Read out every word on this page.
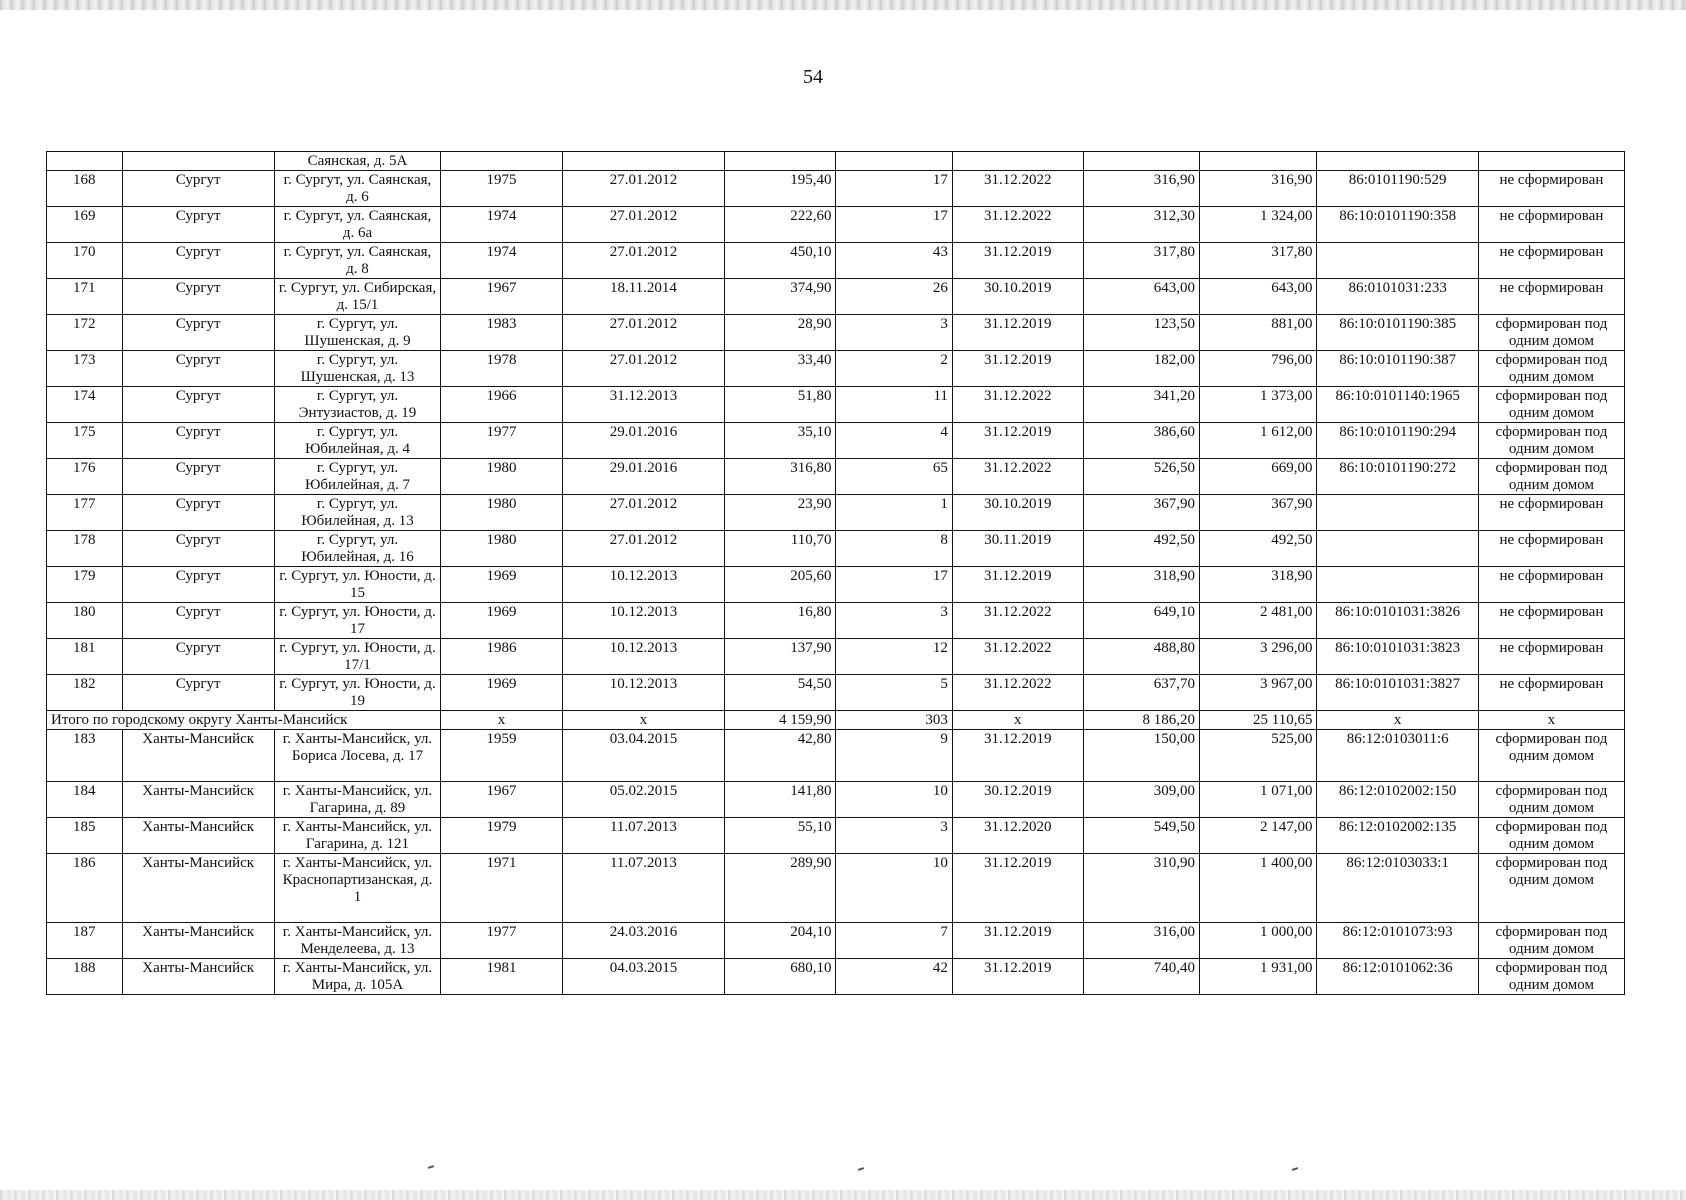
54
		Саянская, д. 5А									
168	Сургут	г. Сургут, ул. Саянская, д. 6	1975	27.01.2012	195,40	17	31.12.2022	316,90	316,90	86:0101190:529	не сформирован
169	Сургут	г. Сургут, ул. Саянская, д. 6а	1974	27.01.2012	222,60	17	31.12.2022	312,30	1 324,00	86:10:0101190:358	не сформирован
170	Сургут	г. Сургут, ул. Саянская, д. 8	1974	27.01.2012	450,10	43	31.12.2019	317,80	317,80		не сформирован
171	Сургут	г. Сургут, ул. Сибирская, д. 15/1	1967	18.11.2014	374,90	26	30.10.2019	643,00	643,00	86:0101031:233	не сформирован
172	Сургут	г. Сургут, ул. Шушенская, д. 9	1983	27.01.2012	28,90	3	31.12.2019	123,50	881,00	86:10:0101190:385	сформирован под одним домом
173	Сургут	г. Сургут, ул. Шушенская, д. 13	1978	27.01.2012	33,40	2	31.12.2019	182,00	796,00	86:10:0101190:387	сформирован под одним домом
174	Сургут	г. Сургут, ул. Энтузиастов, д. 19	1966	31.12.2013	51,80	11	31.12.2022	341,20	1 373,00	86:10:0101140:1965	сформирован под одним домом
175	Сургут	г. Сургут, ул. Юбилейная, д. 4	1977	29.01.2016	35,10	4	31.12.2019	386,60	1 612,00	86:10:0101190:294	сформирован под одним домом
176	Сургут	г. Сургут, ул. Юбилейная, д. 7	1980	29.01.2016	316,80	65	31.12.2022	526,50	669,00	86:10:0101190:272	сформирован под одним домом
177	Сургут	г. Сургут, ул. Юбилейная, д. 13	1980	27.01.2012	23,90	1	30.10.2019	367,90	367,90		не сформирован
178	Сургут	г. Сургут, ул. Юбилейная, д. 16	1980	27.01.2012	110,70	8	30.11.2019	492,50	492,50		не сформирован
179	Сургут	г. Сургут, ул. Юности, д. 15	1969	10.12.2013	205,60	17	31.12.2019	318,90	318,90		не сформирован
180	Сургут	г. Сургут, ул. Юности, д. 17	1969	10.12.2013	16,80	3	31.12.2022	649,10	2 481,00	86:10:0101031:3826	не сформирован
181	Сургут	г. Сургут, ул. Юности, д. 17/1	1986	10.12.2013	137,90	12	31.12.2022	488,80	3 296,00	86:10:0101031:3823	не сформирован
182	Сургут	г. Сургут, ул. Юности, д. 19	1969	10.12.2013	54,50	5	31.12.2022	637,70	3 967,00	86:10:0101031:3827	не сформирован
Итого по городскому округу Ханты-Мансийск			x	x	4 159,90	303	x	8 186,20	25 110,65	x	x
183	Ханты-Мансийск	г. Ханты-Мансийск, ул. Бориса Лосева, д. 17	1959	03.04.2015	42,80	9	31.12.2019	150,00	525,00	86:12:0103011:6	сформирован под одним домом
184	Ханты-Мансийск	г. Ханты-Мансийск, ул. Гагарина, д. 89	1967	05.02.2015	141,80	10	30.12.2019	309,00	1 071,00	86:12:0102002:150	сформирован под одним домом
185	Ханты-Мансийск	г. Ханты-Мансийск, ул. Гагарина, д. 121	1979	11.07.2013	55,10	3	31.12.2020	549,50	2 147,00	86:12:0102002:135	сформирован под одним домом
186	Ханты-Мансийск	г. Ханты-Мансийск, ул. Краснопартизанская, д. 1	1971	11.07.2013	289,90	10	31.12.2019	310,90	1 400,00	86:12:0103033:1	сформирован под одним домом
187	Ханты-Мансийск	г. Ханты-Мансийск, ул. Менделеева, д. 13	1977	24.03.2016	204,10	7	31.12.2019	316,00	1 000,00	86:12:0101073:93	сформирован под одним домом
188	Ханты-Мансийск	г. Ханты-Мансийск, ул. Мира, д. 105А	1981	04.03.2015	680,10	42	31.12.2019	740,40	1 931,00	86:12:0101062:36	сформирован под одним домом
